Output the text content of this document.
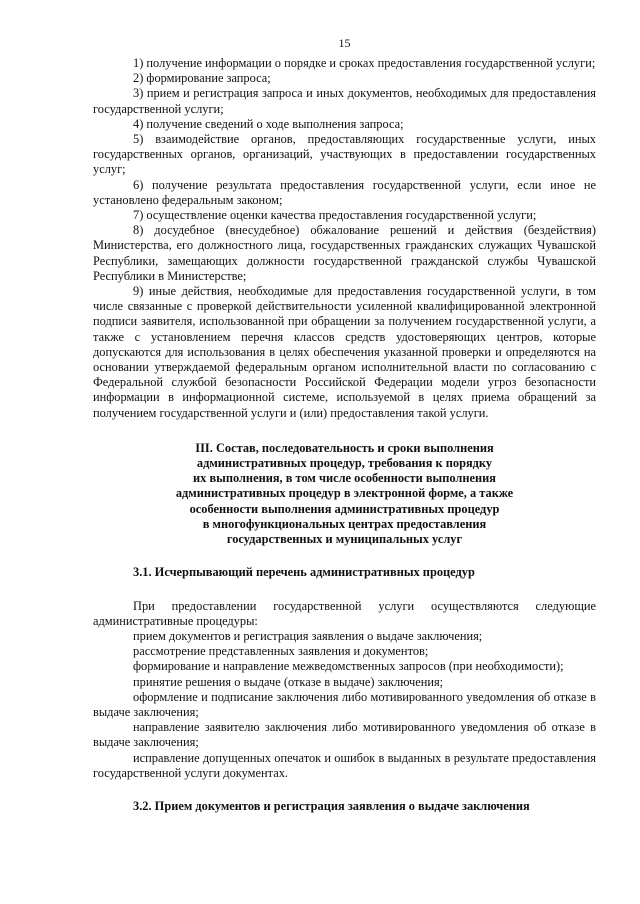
15

1) получение информации о порядке и сроках предоставления государственной услуги;

2) формирование запроса;

3) прием и регистрация запроса и иных документов, необходимых для предоставления государственной услуги;

4) получение сведений о ходе выполнения запроса;

5) взаимодействие органов, предоставляющих государственные услуги, иных государственных органов, организаций, участвующих в предоставлении государственных услуг;

6) получение результата предоставления государственной услуги, если иное не установлено федеральным законом;

7) осуществление оценки качества предоставления государственной услуги;

8) досудебное (внесудебное) обжалование решений и действия (бездействия) Министерства, его должностного лица, государственных гражданских служащих Чувашской Республики, замещающих должности государственной гражданской службы Чувашской Республики в Министерстве;

9) иные действия, необходимые для предоставления государственной услуги, в том числе связанные с проверкой действительности усиленной квалифицированной электронной подписи заявителя, использованной при обращении за получением государственной услуги, а также с установлением перечня классов средств удостоверяющих центров, которые допускаются для использования в целях обеспечения указанной проверки и определяются на основании утверждаемой федеральным органом исполнительной власти по согласованию с Федеральной службой безопасности Российской Федерации модели угроз безопасности информации в информационной системе, используемой в целях приема обращений за получением государственной услуги и (или) предоставления такой услуги.

III. Состав, последовательность и сроки выполнения
административных процедур, требования к порядку
их выполнения, в том числе особенности выполнения
административных процедур в электронной форме, а также
особенности выполнения административных процедур
в многофункциональных центрах предоставления
государственных и муниципальных услуг

3.1. Исчерпывающий перечень административных процедур

При предоставлении государственной услуги осуществляются следующие административные процедуры:

прием документов и регистрация заявления о выдаче заключения;

рассмотрение представленных заявления и документов;

формирование и направление межведомственных запросов (при необходимости);

принятие решения о выдаче (отказе в выдаче) заключения;

оформление и подписание заключения либо мотивированного уведомления об отказе в выдаче заключения;

направление заявителю заключения либо мотивированного уведомления об отказе в выдаче заключения;

исправление допущенных опечаток и ошибок в выданных в результате предоставления государственной услуги документах.

3.2. Прием документов и регистрация заявления о выдаче заключения
